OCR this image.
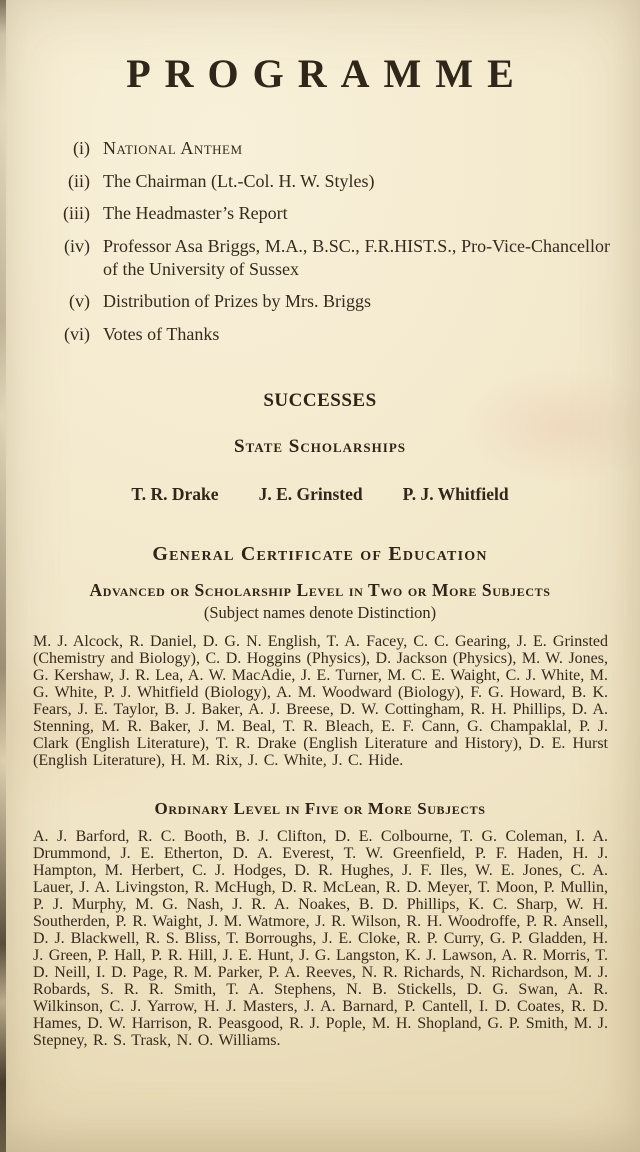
PROGRAMME
(i) National Anthem
(ii) The Chairman (Lt.-Col. H. W. Styles)
(iii) The Headmaster’s Report
(iv) Professor Asa Briggs, M.A., B.SC., F.R.HIST.S., Pro-Vice-Chancellor of the University of Sussex
(v) Distribution of Prizes by Mrs. Briggs
(vi) Votes of Thanks
SUCCESSES
State Scholarships
T. R. Drake J. E. Grinsted P. J. Whitfield
General Certificate of Education
Advanced or Scholarship Level in Two or More Subjects
(Subject names denote Distinction)
M. J. Alcock, R. Daniel, D. G. N. English, T. A. Facey, C. C. Gearing, J. E. Grinsted (Chemistry and Biology), C. D. Hoggins (Physics), D. Jackson (Physics), M. W. Jones, G. Kershaw, J. R. Lea, A. W. MacAdie, J. E. Turner, M. C. E. Waight, C. J. White, M. G. White, P. J. Whitfield (Biology), A. M. Woodward (Biology), F. G. Howard, B. K. Fears, J. E. Taylor, B. J. Baker, A. J. Breese, D. W. Cottingham, R. H. Phillips, D. A. Stenning, M. R. Baker, J. M. Beal, T. R. Bleach, E. F. Cann, G. Champaklal, P. J. Clark (English Literature), T. R. Drake (English Literature and History), D. E. Hurst (English Literature), H. M. Rix, J. C. White, J. C. Hide.
Ordinary Level in Five or More Subjects
A. J. Barford, R. C. Booth, B. J. Clifton, D. E. Colbourne, T. G. Coleman, I. A. Drummond, J. E. Etherton, D. A. Everest, T. W. Greenfield, P. F. Haden, H. J. Hampton, M. Herbert, C. J. Hodges, D. R. Hughes, J. F. Iles, W. E. Jones, C. A. Lauer, J. A. Livingston, R. McHugh, D. R. McLean, R. D. Meyer, T. Moon, P. Mullin, P. J. Murphy, M. G. Nash, J. R. A. Noakes, B. D. Phillips, K. C. Sharp, W. H. Southerden, P. R. Waight, J. M. Watmore, J. R. Wilson, R. H. Woodroffe, P. R. Ansell, D. J. Blackwell, R. S. Bliss, T. Borroughs, J. E. Cloke, R. P. Curry, G. P. Gladden, H. J. Green, P. Hall, P. R. Hill, J. E. Hunt, J. G. Langston, K. J. Lawson, A. R. Morris, T. D. Neill, I. D. Page, R. M. Parker, P. A. Reeves, N. R. Richards, N. Richardson, M. J. Robards, S. R. R. Smith, T. A. Stephens, N. B. Stickells, D. G. Swan, A. R. Wilkinson, C. J. Yarrow, H. J. Masters, J. A. Barnard, P. Cantell, I. D. Coates, R. D. Hames, D. W. Harrison, R. Peasgood, R. J. Pople, M. H. Shopland, G. P. Smith, M. J. Stepney, R. S. Trask, N. O. Williams.
